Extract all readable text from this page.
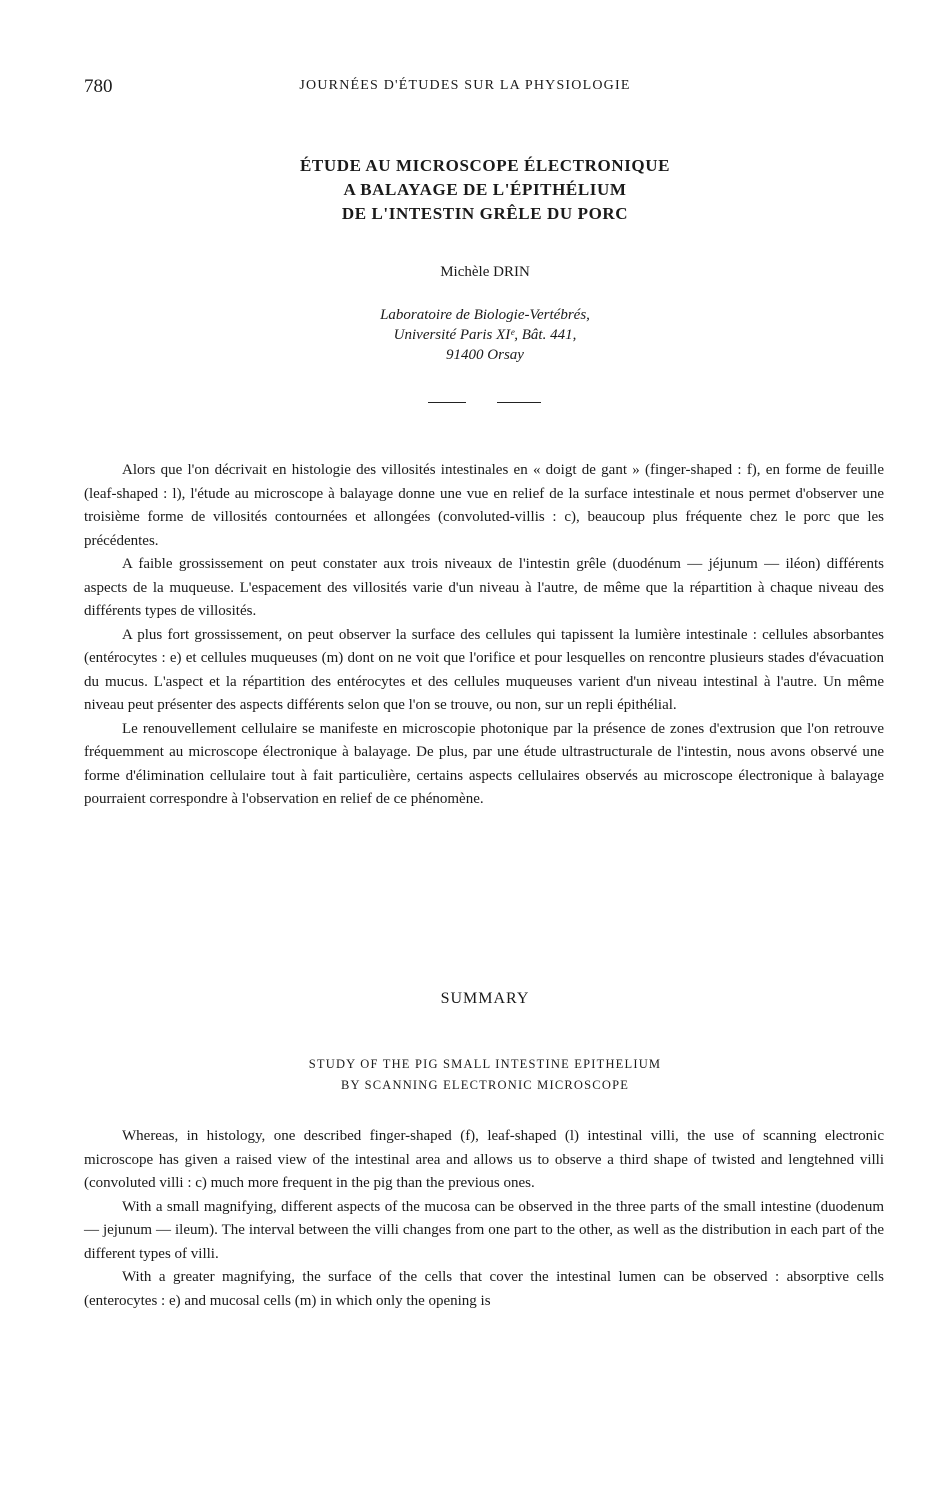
780	JOURNÉES D'ÉTUDES SUR LA PHYSIOLOGIE
ÉTUDE AU MICROSCOPE ÉLECTRONIQUE
A BALAYAGE DE L'ÉPITHÉLIUM
DE L'INTESTIN GRÊLE DU PORC
Michèle DRIN
Laboratoire de Biologie-Vertébrés,
Université Paris XIᵉ, Bât. 441,
91400 Orsay

Alors que l'on décrivait en histologie des villosités intestinales en « doigt de gant » (finger-shaped : f), en forme de feuille (leaf-shaped : l), l'étude au microscope à balayage donne une vue en relief de la surface intestinale et nous permet d'observer une troisième forme de villosités contournées et allongées (convoluted-villis : c), beaucoup plus fréquente chez le porc que les précédentes.

A faible grossissement on peut constater aux trois niveaux de l'intestin grêle (duodénum — jéjunum — iléon) différents aspects de la muqueuse. L'espacement des villosités varie d'un niveau à l'autre, de même que la répartition à chaque niveau des différents types de villosités.

A plus fort grossissement, on peut observer la surface des cellules qui tapissent la lumière intestinale : cellules absorbantes (entérocytes : e) et cellules muqueuses (m) dont on ne voit que l'orifice et pour lesquelles on rencontre plusieurs stades d'évacuation du mucus. L'aspect et la répartition des entérocytes et des cellules muqueuses varient d'un niveau intestinal à l'autre. Un même niveau peut présenter des aspects différents selon que l'on se trouve, ou non, sur un repli épithélial.

Le renouvellement cellulaire se manifeste en microscopie photonique par la présence de zones d'extrusion que l'on retrouve fréquemment au microscope électronique à balayage. De plus, par une étude ultrastructurale de l'intestin, nous avons observé une forme d'élimination cellulaire tout à fait particulière, certains aspects cellulaires observés au microscope électronique à balayage pourraient correspondre à l'observation en relief de ce phénomène.

SUMMARY
STUDY OF THE PIG SMALL INTESTINE EPITHELIUM
BY SCANNING ELECTRONIC MICROSCOPE

Whereas, in histology, one described finger-shaped (f), leaf-shaped (l) intestinal villi, the use of scanning electronic microscope has given a raised view of the intestinal area and allows us to observe a third shape of twisted and lengtehned villi (convoluted villi : c) much more frequent in the pig than the previous ones.

With a small magnifying, different aspects of the mucosa can be observed in the three parts of the small intestine (duodenum — jejunum — ileum). The interval between the villi changes from one part to the other, as well as the distribution in each part of the different types of villi.

With a greater magnifying, the surface of the cells that cover the intestinal lumen can be observed : absorptive cells (enterocytes : e) and mucosal cells (m) in which only the opening is
